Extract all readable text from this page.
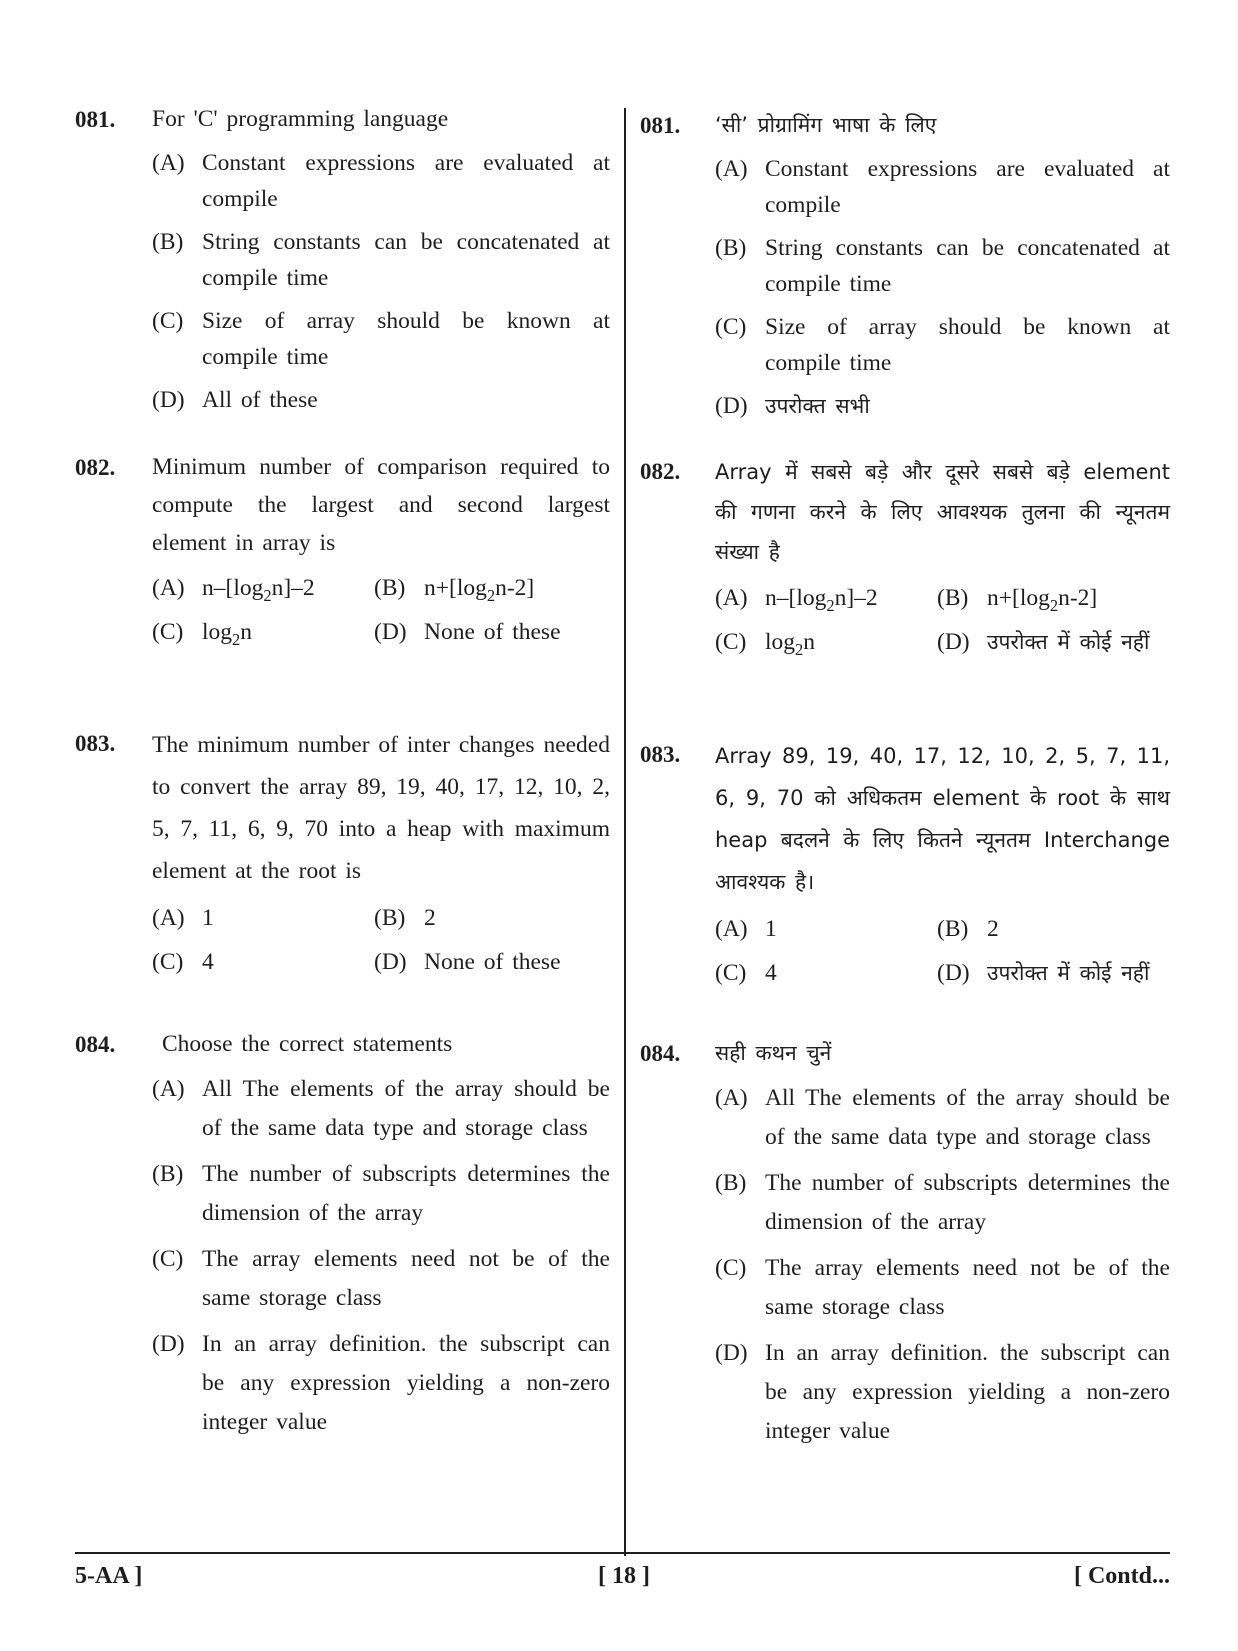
081. For 'C' programming language
(A) Constant expressions are evaluated at compile
(B) String constants can be concatenated at compile time
(C) Size of array should be known at compile time
(D) All of these
082. Minimum number of comparison required to compute the largest and second largest element in array is
(A) $n-[\log_2n]-2$	(B) $n+[\log_2n-2]$
(C) $\log_2n$	(D) None of these
083. The minimum number of inter changes needed to convert the array 89, 19, 40, 17, 12, 10, 2, 5, 7, 11, 6, 9, 70 into a heap with maximum element at the root is
(A) 1	(B) 2
(C) 4	(D) None of these
084.	Choose the correct statements
(A) All The elements of the array should be of the same data type and storage class
(B) The number of subscripts determines the dimension of the array
(C) The array elements need not be of the same storage class
(D) In an array definition. the subscript can be any expression yielding a non-zero integer value
081. ‘सी’ प्रोग्रामिंग भाषा के लिए
(A) Constant expressions are evaluated at compile
(B) String constants can be concatenated at compile time
(C) Size of array should be known at compile time
(D) उपरोक्त सभी
082. Array में सबसे बड़े और दूसरे सबसे बड़े element की गणना करने के लिए आवश्यक तुलना की न्यूनतम संख्या है
(A) $n-[\log_2n]-2$	(B) $n+[\log_2n-2]$
(C) $\log_2n$	(D) उपरोक्त में कोई नहीं
083. Array 89, 19, 40, 17, 12, 10, 2, 5, 7, 11, 6, 9, 70 को अधिकतम element के root के साथ heap बदलने के लिए कितने न्यूनतम Interchange आवश्यक है।
(A) 1	(B) 2
(C) 4	(D) उपरोक्त में कोई नहीं
084. सही कथन चुनें
(A) All The elements of the array should be of the same data type and storage class
(B) The number of subscripts determines the dimension of the array
(C) The array elements need not be of the same storage class
(D) In an array definition. the subscript can be any expression yielding a non-zero integer value
5-AA ]	[ 18 ]	[ Contd...
